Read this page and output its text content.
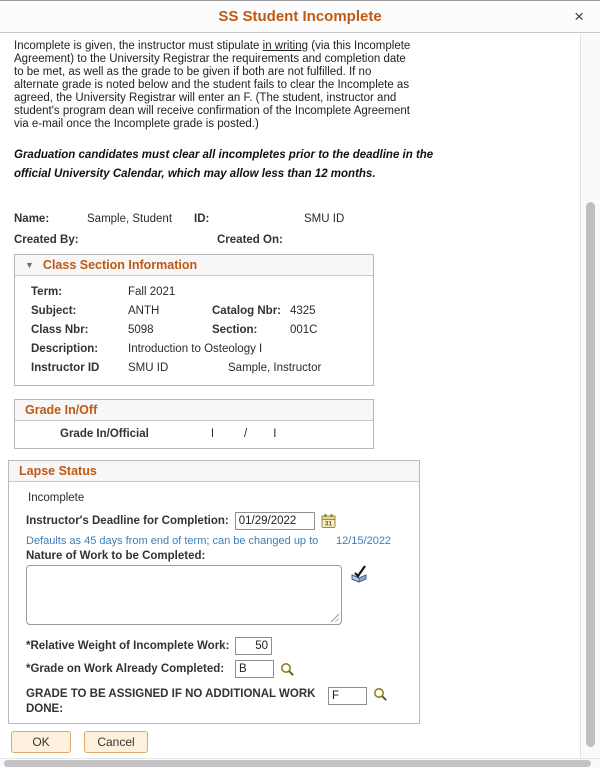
SS Student Incomplete	×

Incomplete is given, the instructor must stipulate in writing (via this Incomplete Agreement) to the University Registrar the requirements and completion date to be met, as well as the grade to be given if both are not fulfilled. If no alternate grade is noted below and the student fails to clear the Incomplete as agreed, the University Registrar will enter an F. (The student, instructor and student's program dean will receive confirmation of the Incomplete Agreement via e-mail once the Incomplete grade is posted.)

Graduation candidates must clear all incompletes prior to the deadline in the official University Calendar, which may allow less than 12 months.

Name:	Sample, Student	ID:	SMU ID
Created By:	Created On:
▼ Class Section Information
Term:	Fall 2021
Subject:	ANTH	Catalog Nbr: 4325
Class Nbr:	5098	Section:	001C
Description:	Introduction to Osteology I
Instructor ID	SMU ID	Sample, Instructor
Grade In/Off
Grade In/Official	I	/ I
Lapse Status
Incomplete
Instructor's Deadline for Completion:
01/29/2022	31
Defaults as 45 days from end of term; can be changed up to	12/15/2022
Nature of Work to be Completed:
*Relative Weight of Incomplete Work:
50
*Grade on Work Already Completed:
B
GRADE TO BE ASSIGNED IF NO ADDITIONAL WORK DONE:
F
OK	Cancel
